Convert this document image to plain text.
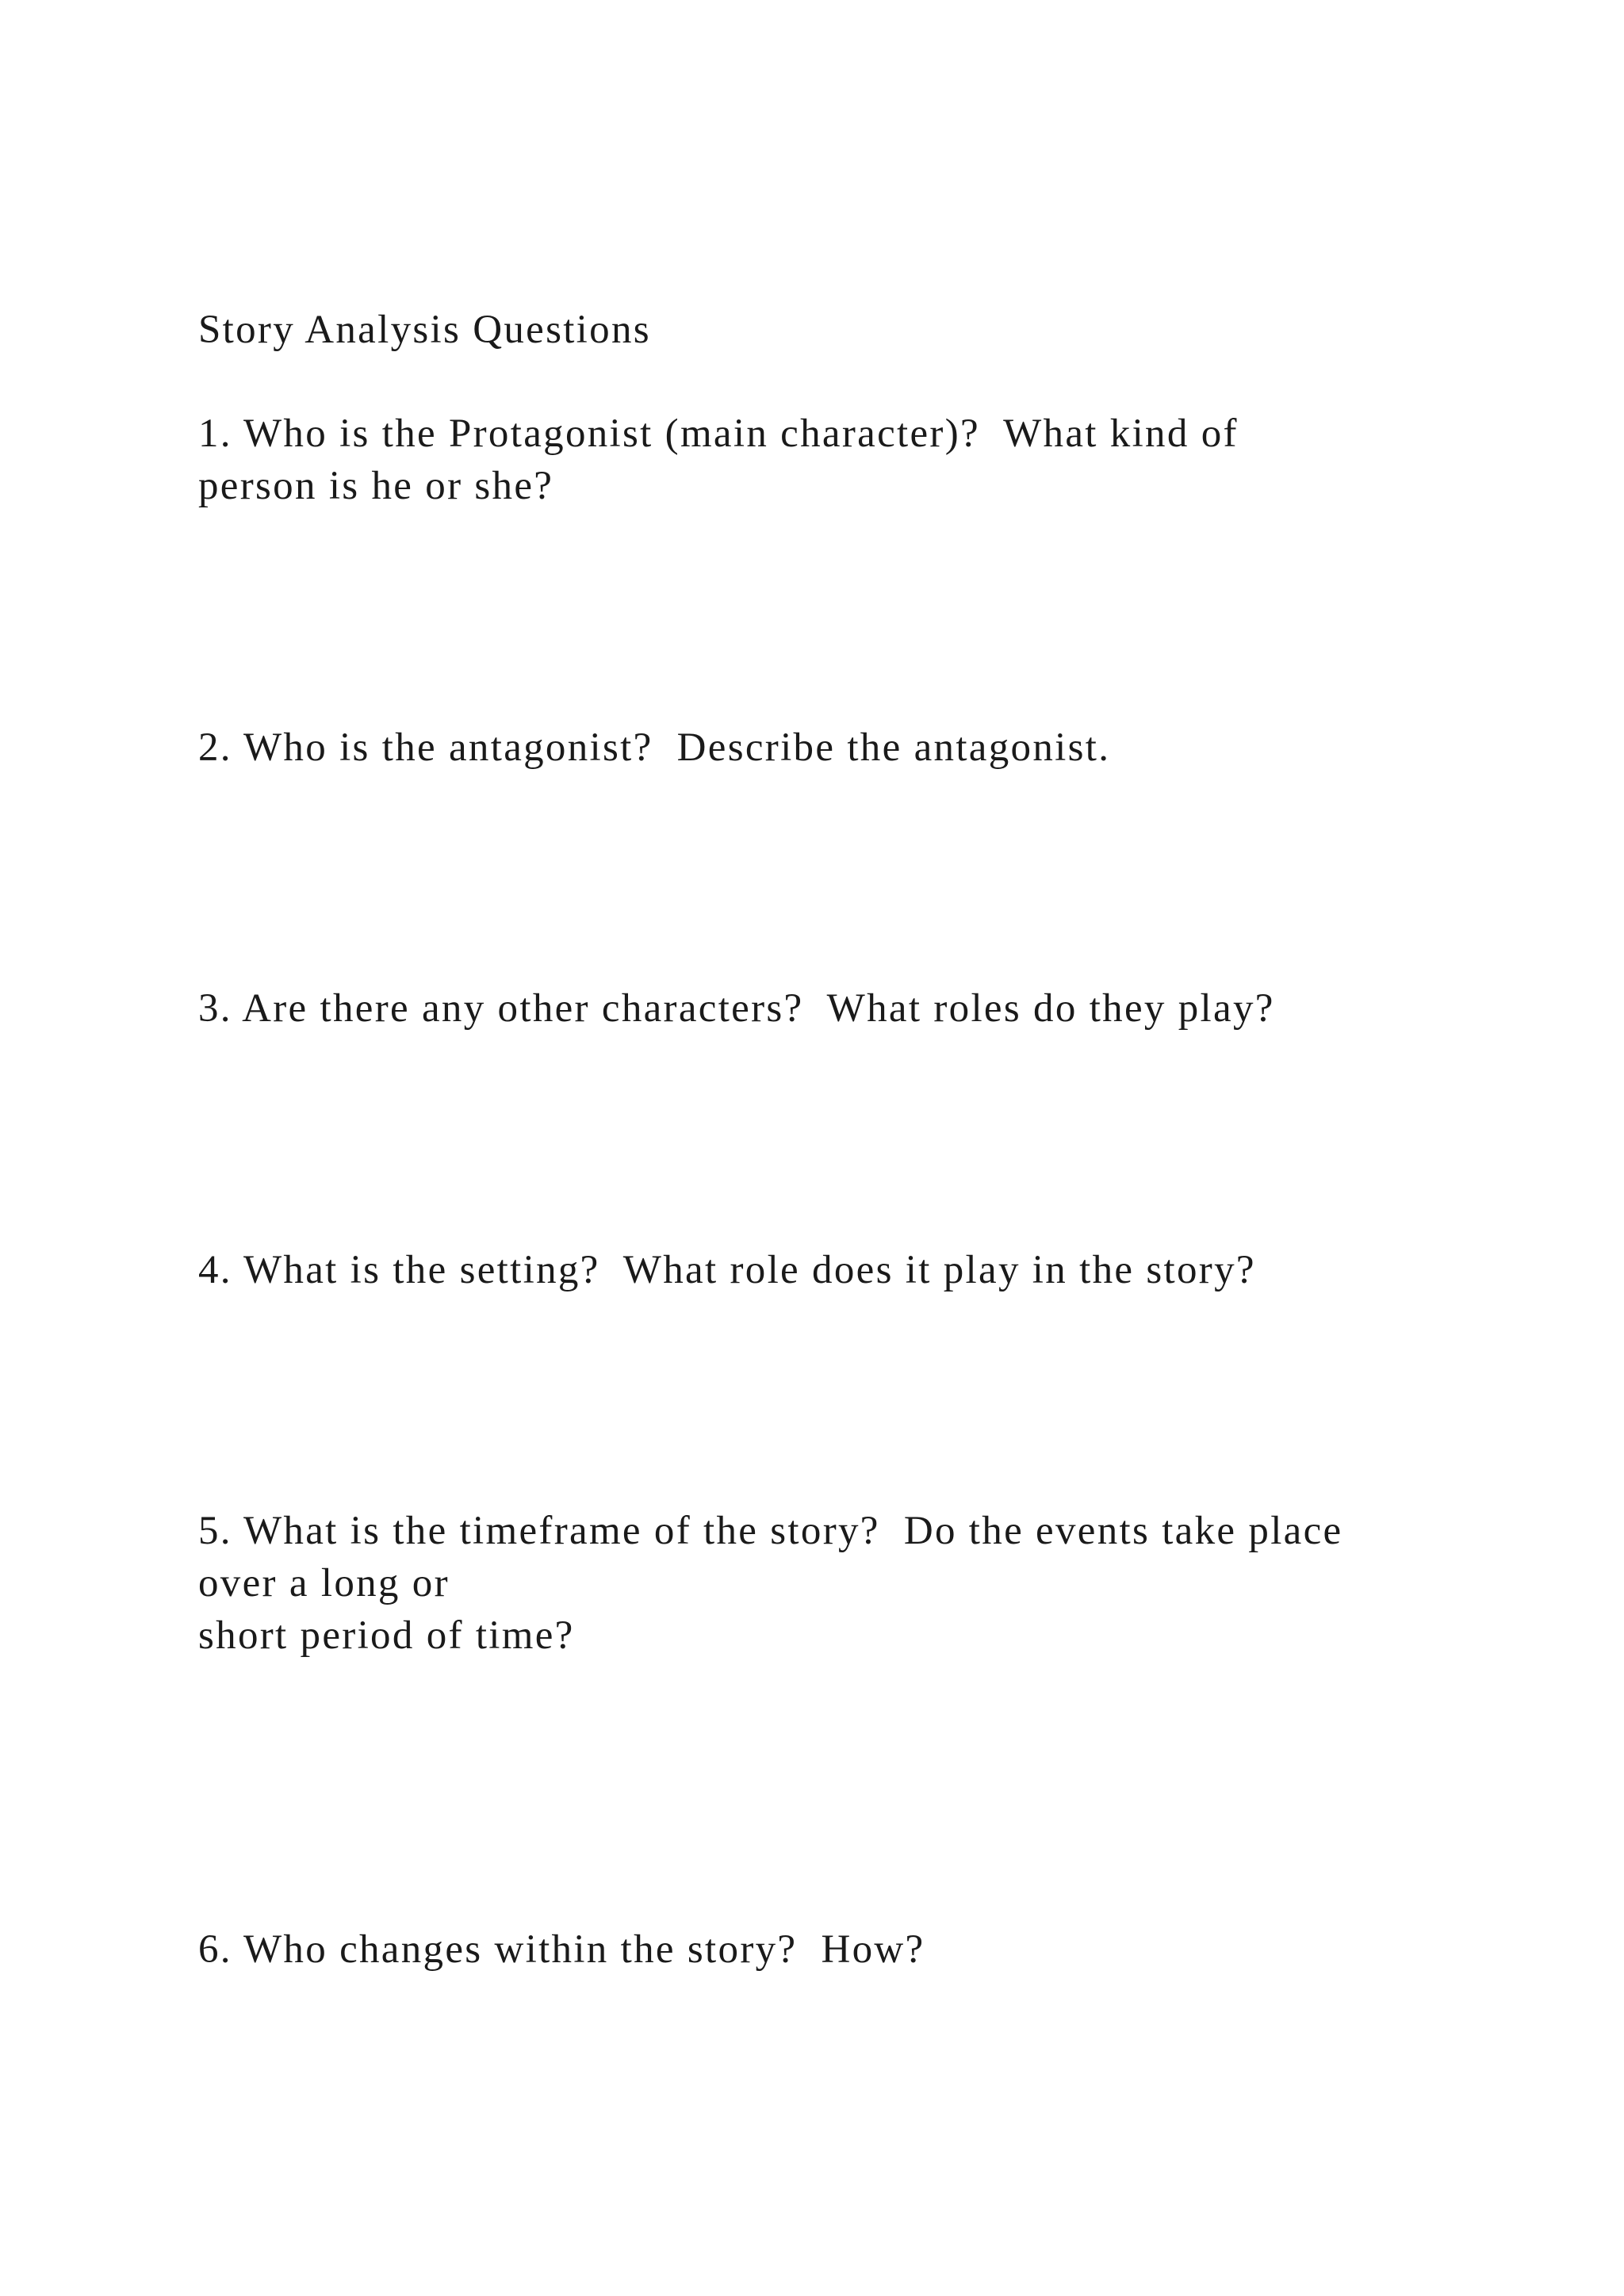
Story Analysis Questions

1. Who is the Protagonist (main character)?  What kind of

person is he or she?

2. Who is the antagonist?  Describe the antagonist.

3. Are there any other characters?  What roles do they play?

4. What is the setting?  What role does it play in the story?

5. What is the timeframe of the story?  Do the events take place

over a long or

short period of time?

6. Who changes within the story?  How?
